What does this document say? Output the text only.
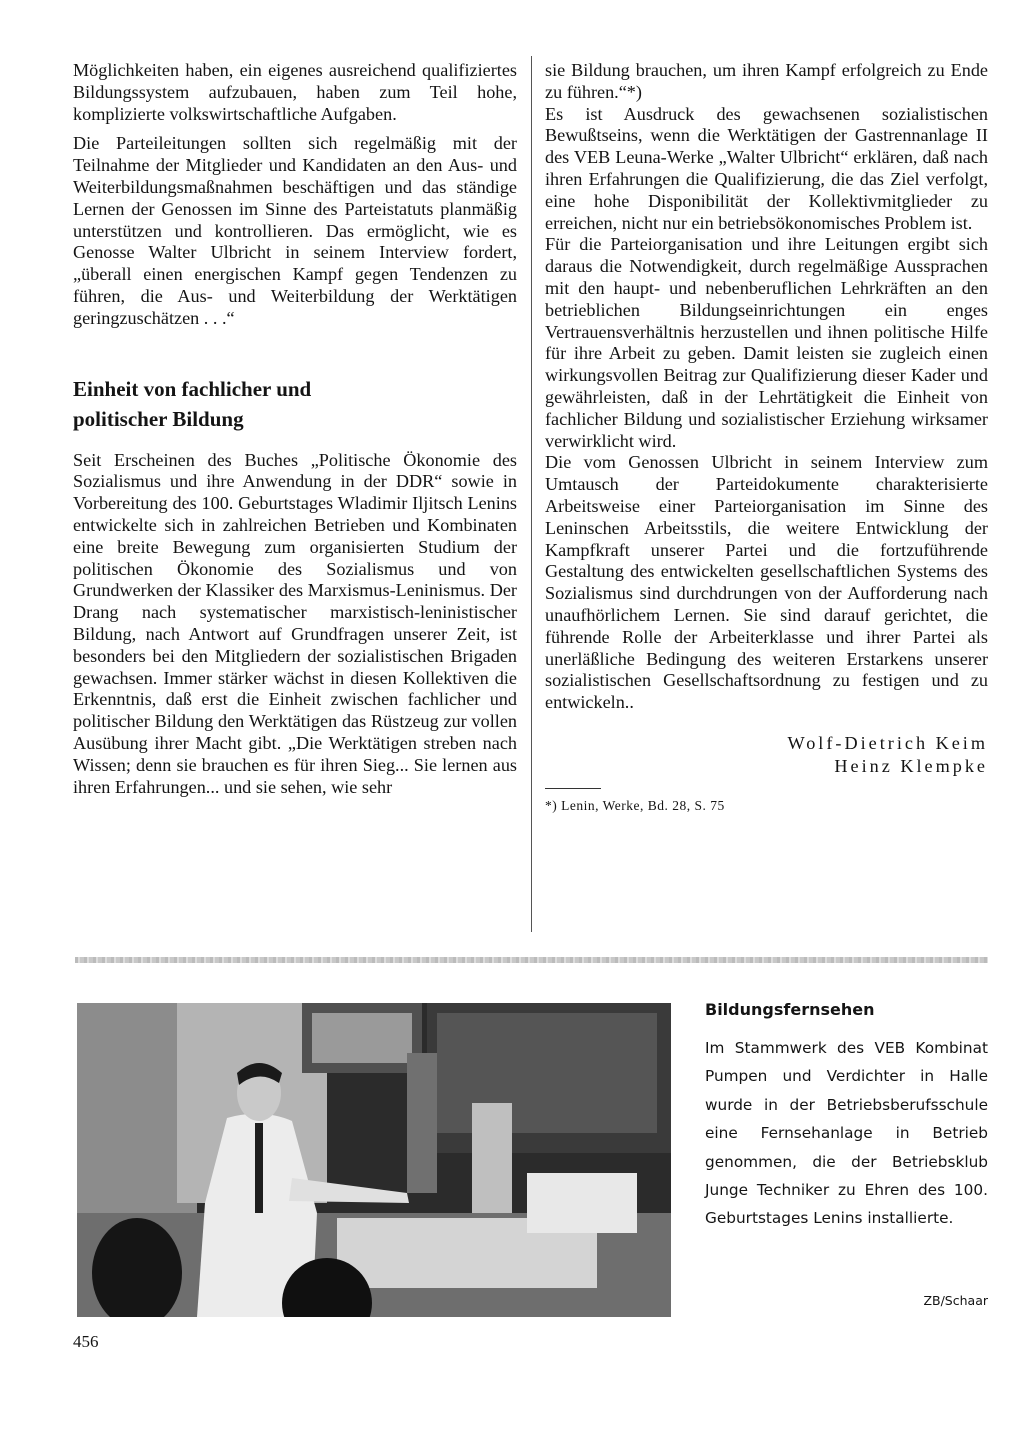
Möglichkeiten haben, ein eigenes ausreichend qualifiziertes Bildungssystem aufzubauen, haben zum Teil hohe, komplizierte volkswirtschaftliche Aufgaben.

Die Parteileitungen sollten sich regelmäßig mit der Teilnahme der Mitglieder und Kandidaten an den Aus- und Weiterbildungsmaßnahmen beschäftigen und das ständige Lernen der Genossen im Sinne des Parteistatuts planmäßig unterstützen und kontrollieren. Das ermöglicht, wie es Genosse Walter Ulbricht in seinem Interview fordert, „überall einen energischen Kampf gegen Tendenzen zu führen, die Aus- und Weiterbildung der Werktätigen geringzuschätzen . . .“

Einheit von fachlicher und politischer Bildung

Seit Erscheinen des Buches „Politische Ökonomie des Sozialismus und ihre Anwendung in der DDR“ sowie in Vorbereitung des 100. Geburtstages Wladimir Iljitsch Lenins entwickelte sich in zahlreichen Betrieben und Kombinaten eine breite Bewegung zum organisierten Studium der politischen Ökonomie des Sozialismus und von Grundwerken der Klassiker des Marxismus-Leninismus. Der Drang nach systematischer marxistisch-leninistischer Bildung, nach Antwort auf Grundfragen unserer Zeit, ist besonders bei den Mitgliedern der sozialistischen Brigaden gewachsen. Immer stärker wächst in diesen Kollektiven die Erkenntnis, daß erst die Einheit zwischen fachlicher und politischer Bildung den Werktätigen das Rüstzeug zur vollen Ausübung ihrer Macht gibt. „Die Werktätigen streben nach Wissen; denn sie brauchen es für ihren Sieg... Sie lernen aus ihren Erfahrungen... und sie sehen, wie sehr

sie Bildung brauchen, um ihren Kampf erfolgreich zu Ende zu führen.“*)

Es ist Ausdruck des gewachsenen sozialistischen Bewußtseins, wenn die Werktätigen der Gastrennanlage II des VEB Leuna-Werke „Walter Ulbricht“ erklären, daß nach ihren Erfahrungen die Qualifizierung, die das Ziel verfolgt, eine hohe Disponibilität der Kollektivmitglieder zu erreichen, nicht nur ein betriebsökonomisches Problem ist.

Für die Parteiorganisation und ihre Leitungen ergibt sich daraus die Notwendigkeit, durch regelmäßige Aussprachen mit den haupt- und nebenberuflichen Lehrkräften an den betrieblichen Bildungseinrichtungen ein enges Vertrauensverhältnis herzustellen und ihnen politische Hilfe für ihre Arbeit zu geben. Damit leisten sie zugleich einen wirkungsvollen Beitrag zur Qualifizierung dieser Kader und gewährleisten, daß in der Lehrtätigkeit die Einheit von fachlicher Bildung und sozialistischer Erziehung wirksamer verwirklicht wird.

Die vom Genossen Ulbricht in seinem Interview zum Umtausch der Parteidokumente charakterisierte Arbeitsweise einer Parteiorganisation im Sinne des Leninschen Arbeitsstils, die weitere Entwicklung der Kampfkraft unserer Partei und die fortzuführende Gestaltung des entwickelten gesellschaftlichen Systems des Sozialismus sind durchdrungen von der Aufforderung nach unaufhörlichem Lernen. Sie sind darauf gerichtet, die führende Rolle der Arbeiterklasse und ihrer Partei als unerläßliche Bedingung des weiteren Erstarkens unserer sozialistischen Gesellschaftsordnung zu festigen und zu entwickeln..

Wolf-Dietrich Keim
Heinz Klempke
*) Lenin, Werke, Bd. 28, S. 75
Bildungsfernsehen
Im Stammwerk des VEB Kombinat Pumpen und Verdichter in Halle wurde in der Betriebsberufsschule eine Fernsehanlage in Betrieb genommen, die der Betriebsklub Junge Techniker zu Ehren des 100. Geburtstages Lenins installierte.
ZB/Schaar
456
